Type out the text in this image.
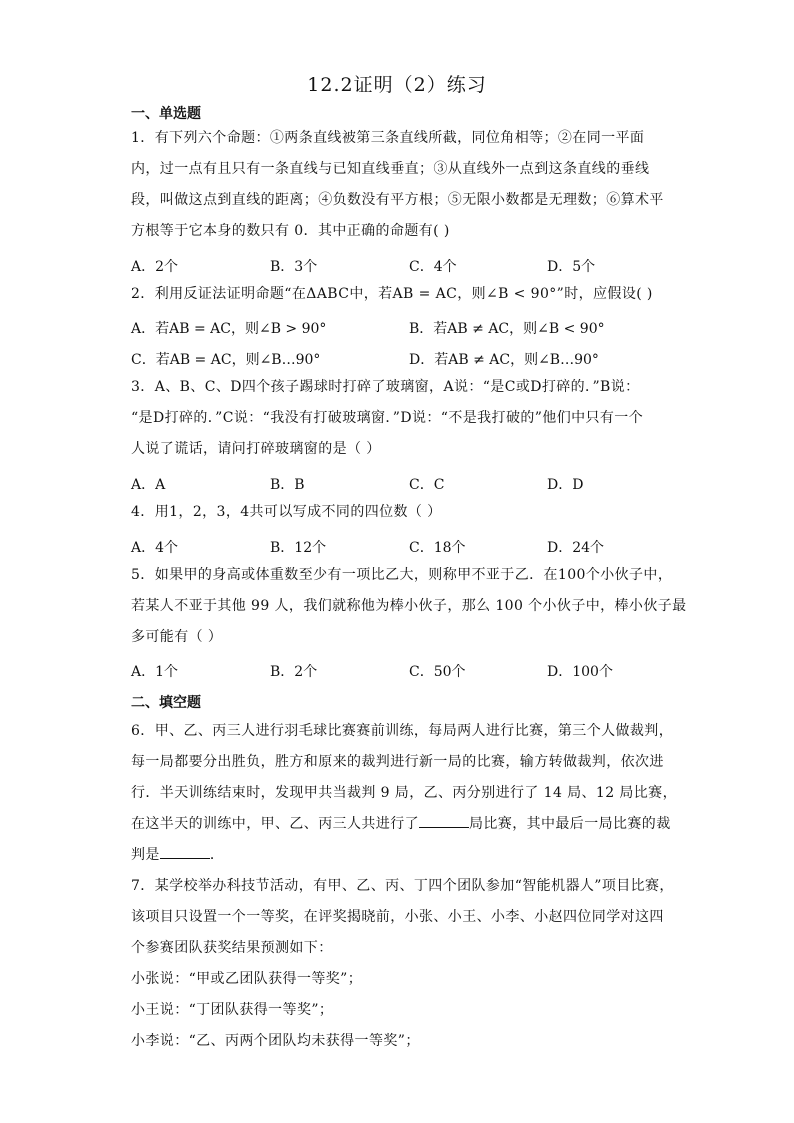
12.2证明（2）练习
一、单选题
1．有下列六个命题：①两条直线被第三条直线所截，同位角相等；②在同一平面
内，过一点有且只有一条直线与已知直线垂直；③从直线外一点到这条直线的垂线
段，叫做这点到直线的距离；④负数没有平方根；⑤无限小数都是无理数；⑥算术平
方根等于它本身的数只有 0．其中正确的命题有( )
A．2个	B．3个	C．4个	D．5个
2．利用反证法证明命题“在ΔABC中，若AB = AC，则∠B < 90°”时，应假设( )
A．若AB = AC，则∠B > 90°	B．若AB ≠ AC，则∠B < 90°
C．若AB = AC，则∠B…90°	D．若AB ≠ AC，则∠B…90°
3．A、B、C、D四个孩子踢球时打碎了玻璃窗，A说：“是C或D打碎的．”B说：
“是D打碎的．”C说：“我没有打破玻璃窗．”D说：“不是我打破的”他们中只有一个
人说了谎话，请问打碎玻璃窗的是（ ）
A．A	B．B	C．C	D．D
4．用1，2，3，4共可以写成不同的四位数（ ）
A．4个	B．12个	C．18个	D．24个
5．如果甲的身高或体重数至少有一项比乙大，则称甲不亚于乙．在100个小伙子中，
若某人不亚于其他 99 人，我们就称他为棒小伙子，那么 100 个小伙子中，棒小伙子最
多可能有（ ）
A．1个	B．2个	C．50个	D．100个
二、填空题
6．甲、乙、丙三人进行羽毛球比赛赛前训练，每局两人进行比赛，第三个人做裁判，
每一局都要分出胜负，胜方和原来的裁判进行新一局的比赛，输方转做裁判，依次进
行．半天训练结束时，发现甲共当裁判 9 局，乙、丙分别进行了 14 局、12 局比赛，
在这半天的训练中，甲、乙、丙三人共进行了	局比赛，其中最后一局比赛的裁
判是	．
7．某学校举办科技节活动，有甲、乙、丙、丁四个团队参加“智能机器人”项目比赛，
该项目只设置一个一等奖，在评奖揭晓前，小张、小王、小李、小赵四位同学对这四
个参赛团队获奖结果预测如下：
小张说：“甲或乙团队获得一等奖”；
小王说：“丁团队获得一等奖”；
小李说：“乙、丙两个团队均未获得一等奖”；
